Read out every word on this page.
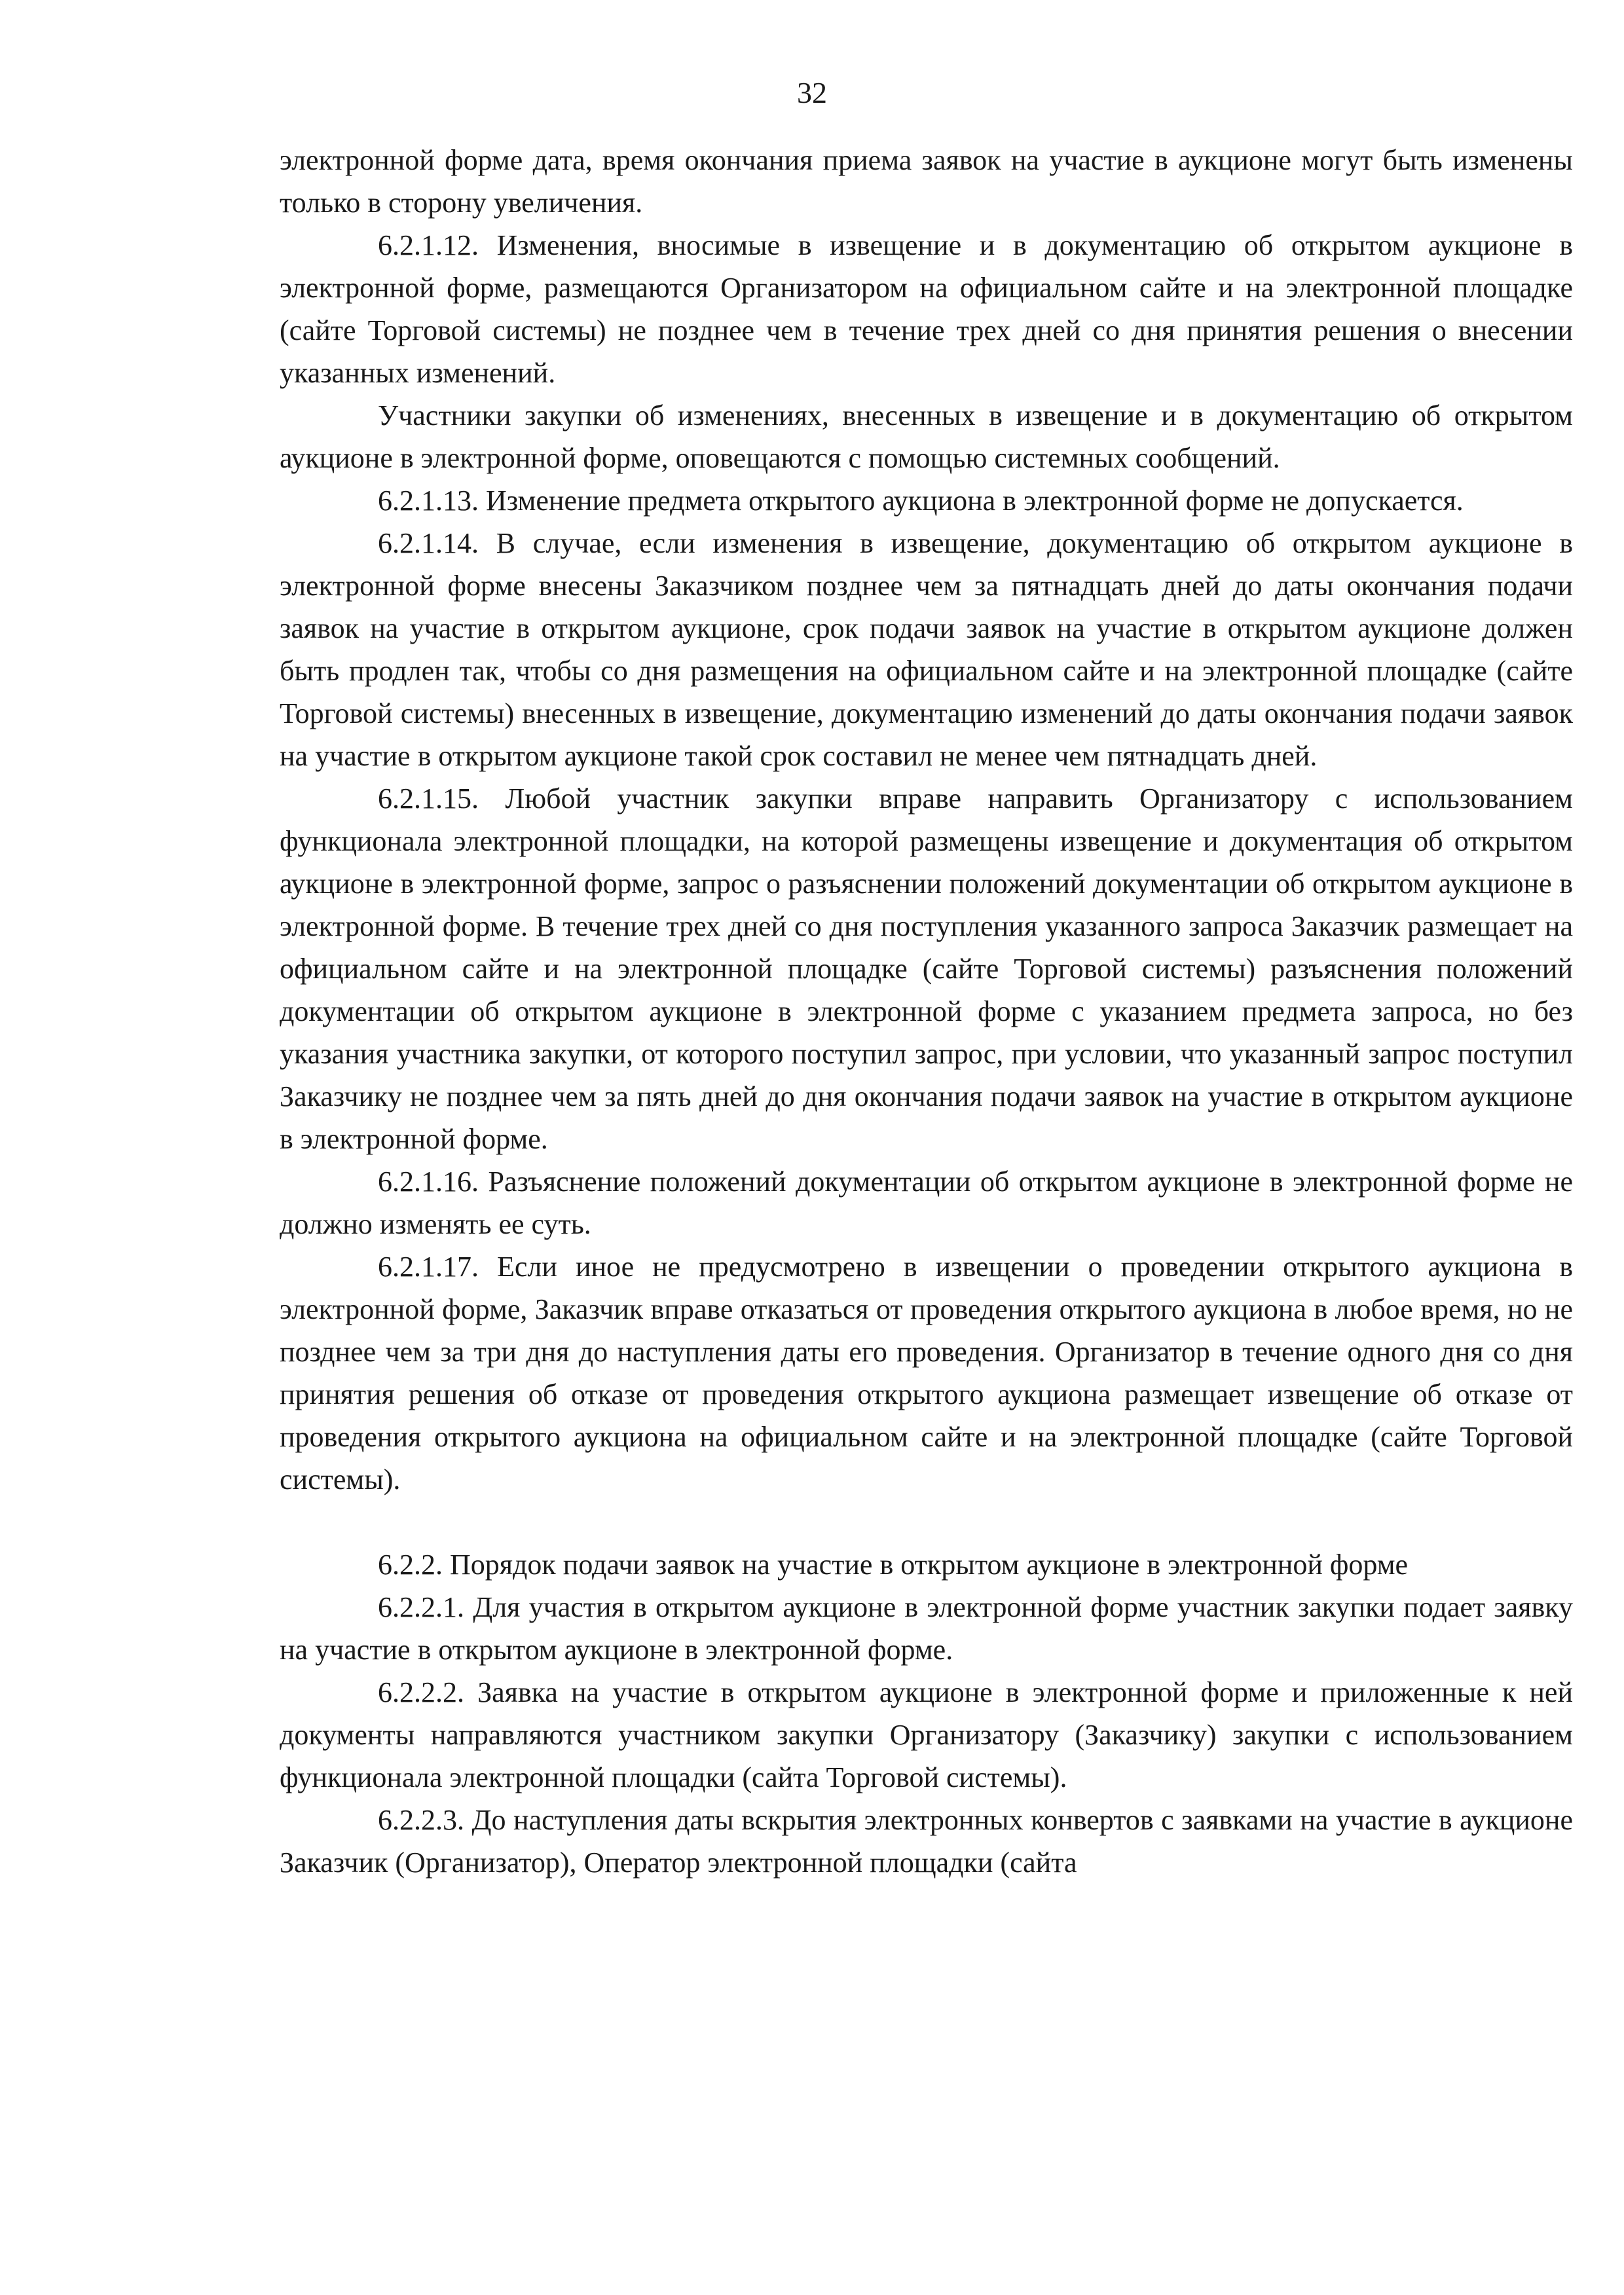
32

электронной форме дата, время окончания приема заявок на участие в аукционе могут быть изменены только в сторону увеличения.

6.2.1.12. Изменения, вносимые в извещение и в документацию об открытом аукционе в электронной форме, размещаются Организатором на официальном сайте и на электронной площадке (сайте Торговой системы) не позднее чем в течение трех дней со дня принятия решения о внесении указанных изменений.

Участники закупки об изменениях, внесенных в извещение и в документацию об открытом аукционе в электронной форме, оповещаются с помощью системных сообщений.

6.2.1.13. Изменение предмета открытого аукциона в электронной форме не допускается.

6.2.1.14. В случае, если изменения в извещение, документацию об открытом аукционе в электронной форме внесены Заказчиком позднее чем за пятнадцать дней до даты окончания подачи заявок на участие в открытом аукционе, срок подачи заявок на участие в открытом аукционе должен быть продлен так, чтобы со дня размещения на официальном сайте и на электронной площадке (сайте Торговой системы) внесенных в извещение, документацию изменений до даты окончания подачи заявок на участие в открытом аукционе такой срок составил не менее чем пятнадцать дней.

6.2.1.15. Любой участник закупки вправе направить Организатору с использованием функционала электронной площадки, на которой размещены извещение и документация об открытом аукционе в электронной форме, запрос о разъяснении положений документации об открытом аукционе в электронной форме. В течение трех дней со дня поступления указанного запроса Заказчик размещает на официальном сайте и на электронной площадке (сайте Торговой системы) разъяснения положений документации об открытом аукционе в электронной форме с указанием предмета запроса, но без указания участника закупки, от которого поступил запрос, при условии, что указанный запрос поступил Заказчику не позднее чем за пять дней до дня окончания подачи заявок на участие в открытом аукционе в электронной форме.

6.2.1.16. Разъяснение положений документации об открытом аукционе в электронной форме не должно изменять ее суть.

6.2.1.17. Если иное не предусмотрено в извещении о проведении открытого аукциона в электронной форме, Заказчик вправе отказаться от проведения открытого аукциона в любое время, но не позднее чем за три дня до наступления даты его проведения. Организатор в течение одного дня со дня принятия решения об отказе от проведения открытого аукциона размещает извещение об отказе от проведения открытого аукциона на официальном сайте и на электронной площадке (сайте Торговой системы).

6.2.2. Порядок подачи заявок на участие в открытом аукционе в электронной форме

6.2.2.1. Для участия в открытом аукционе в электронной форме участник закупки подает заявку на участие в открытом аукционе в электронной форме.

6.2.2.2. Заявка на участие в открытом аукционе в электронной форме и приложенные к ней документы направляются участником закупки Организатору (Заказчику) закупки с использованием функционала электронной площадки (сайта Торговой системы).

6.2.2.3. До наступления даты вскрытия электронных конвертов с заявками на участие в аукционе Заказчик (Организатор), Оператор электронной площадки (сайта
